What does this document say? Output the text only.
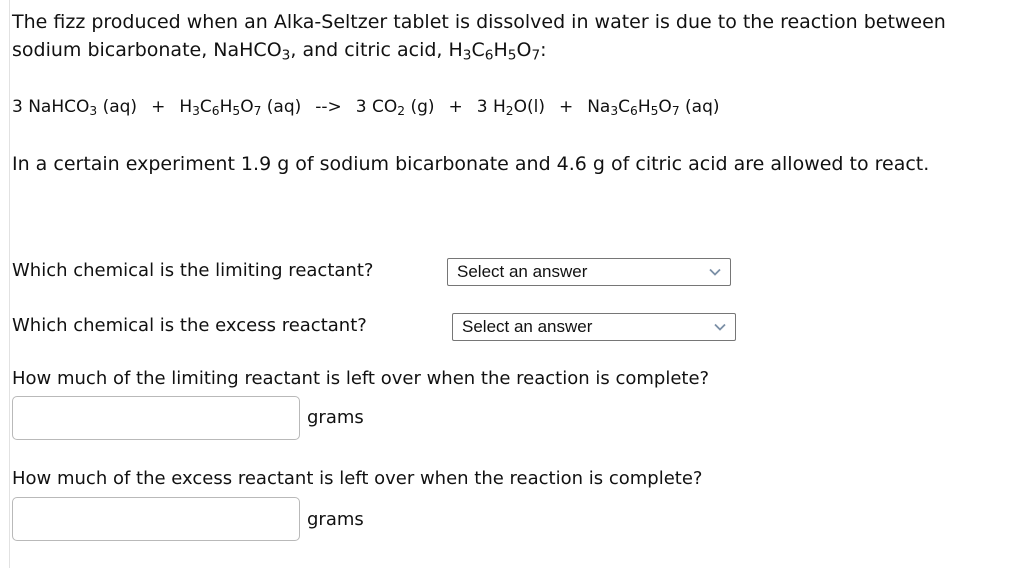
The fizz produced when an Alka-Seltzer tablet is dissolved in water is due to the reaction between sodium bicarbonate, NaHCO$_3$, and citric acid, $H_3C_6H_5O_7$:
3 NaHCO$_3$ $(aq) + H_3C_6H_5O_7$ (aq) --> 3 $CO_2$ (g) + 3 $H_2O(l) + Na_3C_6H_5O_7$ (aq)
In a certain experiment 1.9 g of sodium bicarbonate and 4.6 g of citric acid are allowed to react.
Which chemical is the limiting reactant?	Select an answer
Which chemical is the excess reactant?	Select an answer
How much of the limiting reactant is left over when the reaction is complete?
grams
How much of the excess reactant is left over when the reaction is complete?
grams
